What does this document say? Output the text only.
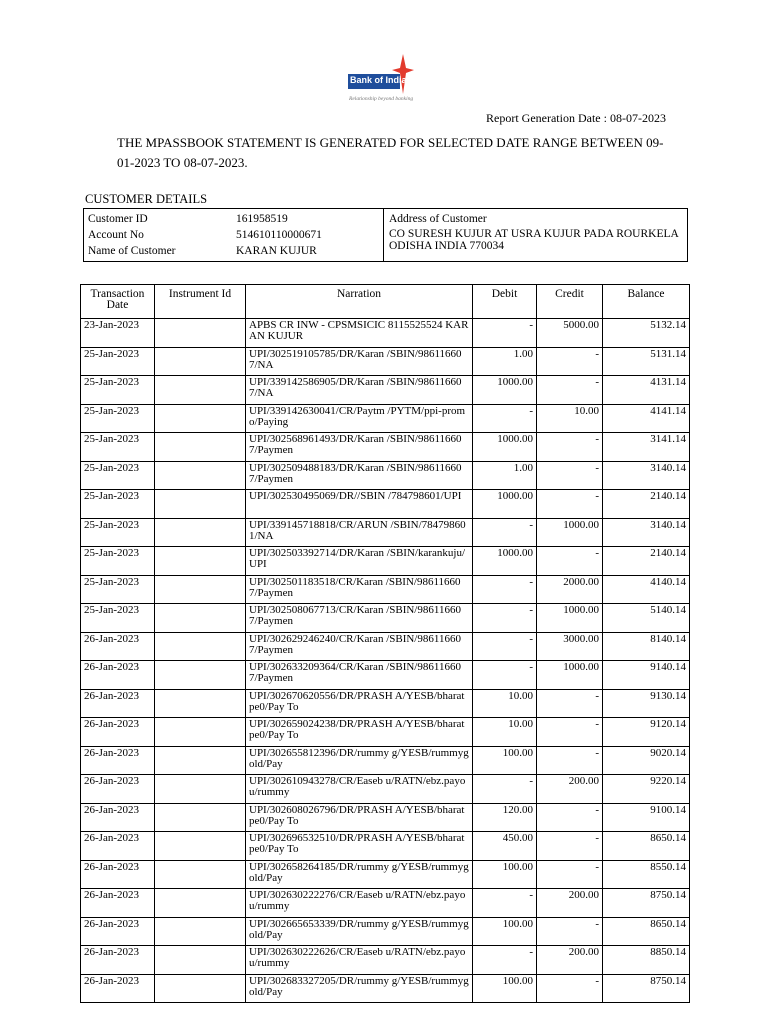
Bank of India
Relationship beyond banking
Report Generation Date : 08-07-2023
THE MPASSBOOK STATEMENT IS GENERATED FOR SELECTED DATE RANGE BETWEEN 09-01-2023 TO 08-07-2023.
CUSTOMER DETAILS
Customer ID	161958519
Account No	514610110000671
Name of Customer	KARAN KUJUR
Address of Customer
CO SURESH KUJUR AT USRA KUJUR PADA ROURKELA ODISHA INDIA 770034
Transaction Date	Instrument Id	Narration	Debit	Credit	Balance
23-Jan-2023		APBS CR INW - CPSMSICIC 8115525524 KARAN KUJUR	-	5000.00	5132.14
25-Jan-2023		UPI/302519105785/DR/Karan /SBIN/986116607/NA	1.00	-	5131.14
25-Jan-2023		UPI/339142586905/DR/Karan /SBIN/986116607/NA	1000.00	-	4131.14
25-Jan-2023		UPI/339142630041/CR/Paytm /PYTM/ppi-promo/Paying	-	10.00	4141.14
25-Jan-2023		UPI/302568961493/DR/Karan /SBIN/986116607/Paymen	1000.00	-	3141.14
25-Jan-2023		UPI/302509488183/DR/Karan /SBIN/986116607/Paymen	1.00	-	3140.14
25-Jan-2023		UPI/302530495069/DR//SBIN /784798601/UPI	1000.00	-	2140.14
25-Jan-2023		UPI/339145718818/CR/ARUN /SBIN/784798601/NA	-	1000.00	3140.14
25-Jan-2023		UPI/302503392714/DR/Karan /SBIN/karankuju/UPI	1000.00	-	2140.14
25-Jan-2023		UPI/302501183518/CR/Karan /SBIN/986116607/Paymen	-	2000.00	4140.14
25-Jan-2023		UPI/302508067713/CR/Karan /SBIN/986116607/Paymen	-	1000.00	5140.14
26-Jan-2023		UPI/302629246240/CR/Karan /SBIN/986116607/Paymen	-	3000.00	8140.14
26-Jan-2023		UPI/302633209364/CR/Karan /SBIN/986116607/Paymen	-	1000.00	9140.14
26-Jan-2023		UPI/302670620556/DR/PRASH A/YESB/bharatpe0/Pay To	10.00	-	9130.14
26-Jan-2023		UPI/302659024238/DR/PRASH A/YESB/bharatpe0/Pay To	10.00	-	9120.14
26-Jan-2023		UPI/302655812396/DR/rummy g/YESB/rummygold/Pay	100.00	-	9020.14
26-Jan-2023		UPI/302610943278/CR/Easeb u/RATN/ebz.payou/rummy	-	200.00	9220.14
26-Jan-2023		UPI/302608026796/DR/PRASH A/YESB/bharatpe0/Pay To	120.00	-	9100.14
26-Jan-2023		UPI/302696532510/DR/PRASH A/YESB/bharatpe0/Pay To	450.00	-	8650.14
26-Jan-2023		UPI/302658264185/DR/rummy g/YESB/rummygold/Pay	100.00	-	8550.14
26-Jan-2023		UPI/302630222276/CR/Easeb u/RATN/ebz.payou/rummy	-	200.00	8750.14
26-Jan-2023		UPI/302665653339/DR/rummy g/YESB/rummygold/Pay	100.00	-	8650.14
26-Jan-2023		UPI/302630222626/CR/Easeb u/RATN/ebz.payou/rummy	-	200.00	8850.14
26-Jan-2023		UPI/302683327205/DR/rummy g/YESB/rummygold/Pay	100.00	-	8750.14
